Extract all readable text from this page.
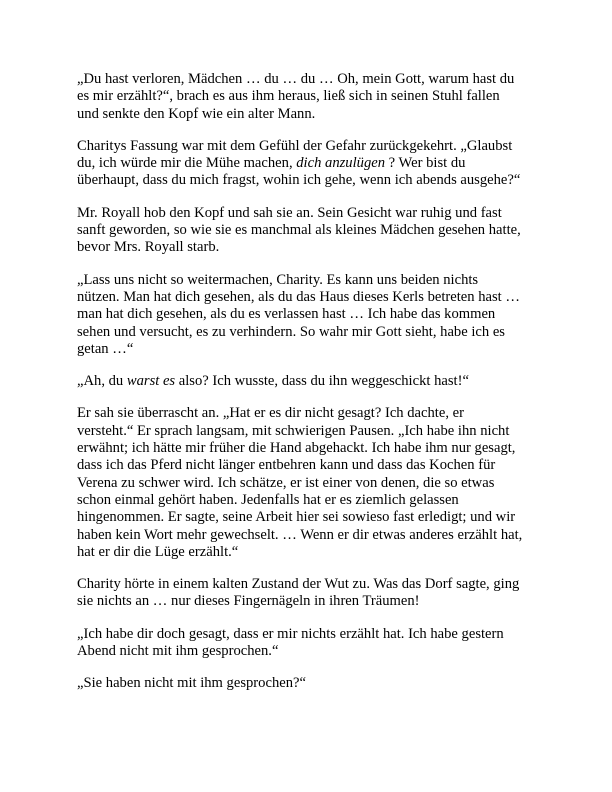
„Du hast verloren, Mädchen … du … du … Oh, mein Gott, warum hast du
es mir erzählt?“, brach es aus ihm heraus, ließ sich in seinen Stuhl fallen
und senkte den Kopf wie ein alter Mann.

Charitys Fassung war mit dem Gefühl der Gefahr zurückgekehrt. „Glaubst
du, ich würde mir die Mühe machen, dich anzulügen ? Wer bist du
überhaupt, dass du mich fragst, wohin ich gehe, wenn ich abends ausgehe?“

Mr. Royall hob den Kopf und sah sie an. Sein Gesicht war ruhig und fast
sanft geworden, so wie sie es manchmal als kleines Mädchen gesehen hatte,
bevor Mrs. Royall starb.

„Lass uns nicht so weitermachen, Charity. Es kann uns beiden nichts
nützen. Man hat dich gesehen, als du das Haus dieses Kerls betreten hast …
man hat dich gesehen, als du es verlassen hast … Ich habe das kommen
sehen und versucht, es zu verhindern. So wahr mir Gott sieht, habe ich es
getan …“

„Ah, du warst es also? Ich wusste, dass du ihn weggeschickt hast!“

Er sah sie überrascht an. „Hat er es dir nicht gesagt? Ich dachte, er
versteht.“ Er sprach langsam, mit schwierigen Pausen. „Ich habe ihn nicht
erwähnt; ich hätte mir früher die Hand abgehackt. Ich habe ihm nur gesagt,
dass ich das Pferd nicht länger entbehren kann und dass das Kochen für
Verena zu schwer wird. Ich schätze, er ist einer von denen, die so etwas
schon einmal gehört haben. Jedenfalls hat er es ziemlich gelassen
hingenommen. Er sagte, seine Arbeit hier sei sowieso fast erledigt; und wir
haben kein Wort mehr gewechselt. … Wenn er dir etwas anderes erzählt hat,
hat er dir die Lüge erzählt.“

Charity hörte in einem kalten Zustand der Wut zu. Was das Dorf sagte, ging
sie nichts an … nur dieses Fingernägeln in ihren Träumen!

„Ich habe dir doch gesagt, dass er mir nichts erzählt hat. Ich habe gestern
Abend nicht mit ihm gesprochen.“

„Sie haben nicht mit ihm gesprochen?“
